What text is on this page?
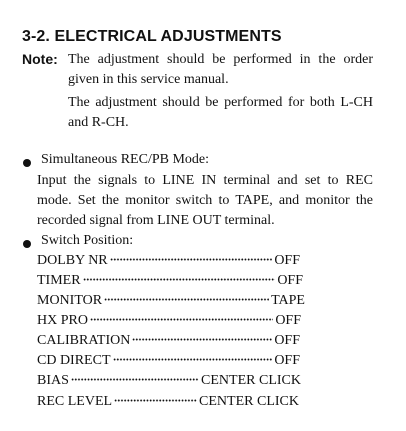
3-2. ELECTRICAL ADJUSTMENTS
Note: The adjustment should be performed in the order
given in this service manual.
The adjustment should be performed for both L-CH
and R-CH.
Simultaneous REC/PB Mode:
Input the signals to LINE IN terminal and set to REC
mode. Set the monitor switch to TAPE, and monitor the
recorded signal from LINE OUT terminal.
Switch Position:
DOLBY NR	OFF
TIMER	OFF
MONITOR	TAPE
HX PRO	OFF
CALIBRATION	OFF
CD DIRECT	OFF
BIAS	CENTER CLICK
REC LEVEL	CENTER CLICK
